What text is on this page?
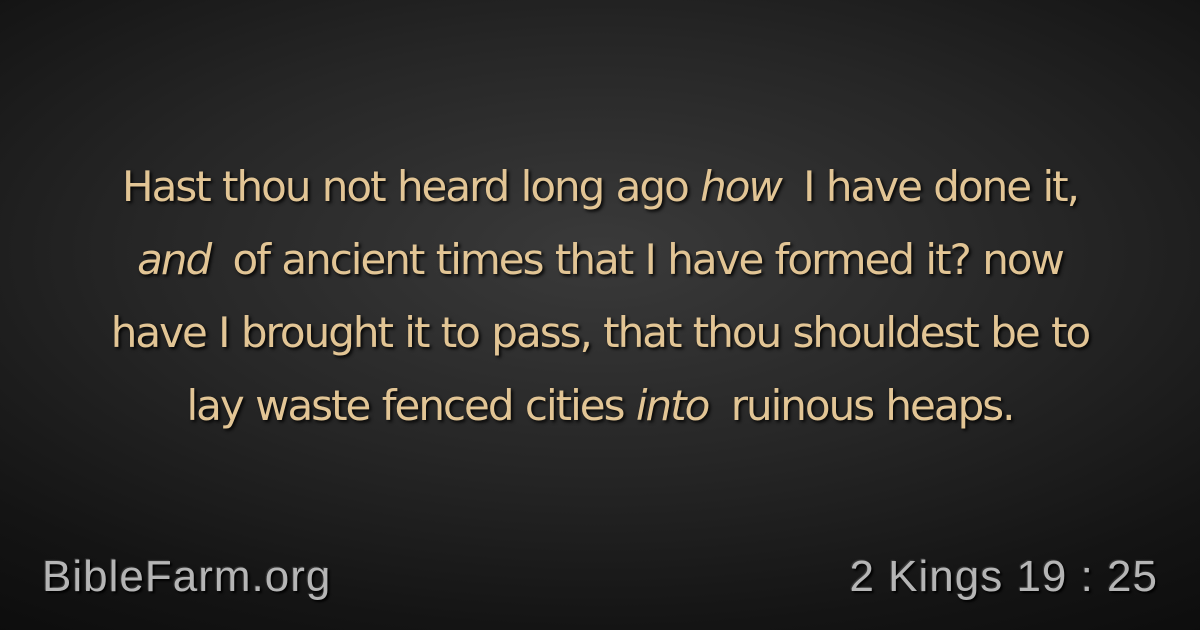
Hast thou not heard long ago how I have done it,
and of ancient times that I have formed it? now
have I brought it to pass, that thou shouldest be to
lay waste fenced cities into ruinous heaps.
BibleFarm.org	2 Kings 19 : 25
